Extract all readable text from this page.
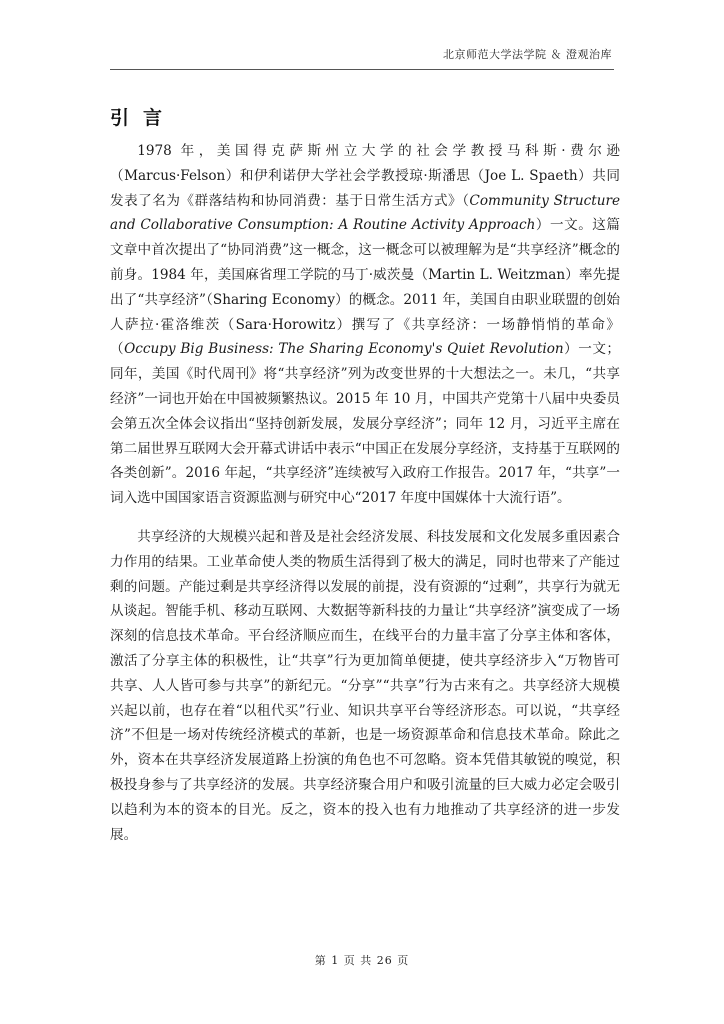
北京师范大学法学院 ＆ 澄观治库
引言

1978 年，美国得克萨斯州立大学的社会学教授马科斯·费尔逊（Marcus·Felson）和伊利诺伊大学社会学教授琼·斯潘思（Joe L. Spaeth）共同发表了名为《群落结构和协同消费：基于日常生活方式》（Community Structure and Collaborative Consumption: A Routine Activity Approach）一文。这篇文章中首次提出了“协同消费”这一概念，这一概念可以被理解为是“共享经济”概念的前身。1984 年，美国麻省理工学院的马丁·威茨曼（Martin L. Weitzman）率先提出了“共享经济”（Sharing Economy）的概念。2011 年，美国自由职业联盟的创始人萨拉·霍洛维茨（Sara·Horowitz）撰写了《共享经济：一场静悄悄的革命》（Occupy Big Business: The Sharing Economy's Quiet Revolution）一文；同年，美国《时代周刊》将“共享经济”列为改变世界的十大想法之一。未几，“共享经济”一词也开始在中国被频繁热议。2015 年 10 月，中国共产党第十八届中央委员会第五次全体会议指出“坚持创新发展，发展分享经济”；同年 12 月，习近平主席在第二届世界互联网大会开幕式讲话中表示“中国正在发展分享经济，支持基于互联网的各类创新”。2016 年起，“共享经济”连续被写入政府工作报告。2017 年，“共享”一词入选中国国家语言资源监测与研究中心“2017 年度中国媒体十大流行语”。

共享经济的大规模兴起和普及是社会经济发展、科技发展和文化发展多重因素合力作用的结果。工业革命使人类的物质生活得到了极大的满足，同时也带来了产能过剩的问题。产能过剩是共享经济得以发展的前提，没有资源的“过剩”，共享行为就无从谈起。智能手机、移动互联网、大数据等新科技的力量让“共享经济”演变成了一场深刻的信息技术革命。平台经济顺应而生，在线平台的力量丰富了分享主体和客体，激活了分享主体的积极性，让“共享”行为更加简单便捷，使共享经济步入“万物皆可共享、人人皆可参与共享”的新纪元。“分享”“共享”行为古来有之。共享经济大规模兴起以前，也存在着“以租代买”行业、知识共享平台等经济形态。可以说，“共享经济”不但是一场对传统经济模式的革新，也是一场资源革命和信息技术革命。除此之外，资本在共享经济发展道路上扮演的角色也不可忽略。资本凭借其敏锐的嗅觉，积极投身参与了共享经济的发展。共享经济聚合用户和吸引流量的巨大威力必定会吸引以趋利为本的资本的目光。反之，资本的投入也有力地推动了共享经济的进一步发展。

第 1 页 共 26 页
